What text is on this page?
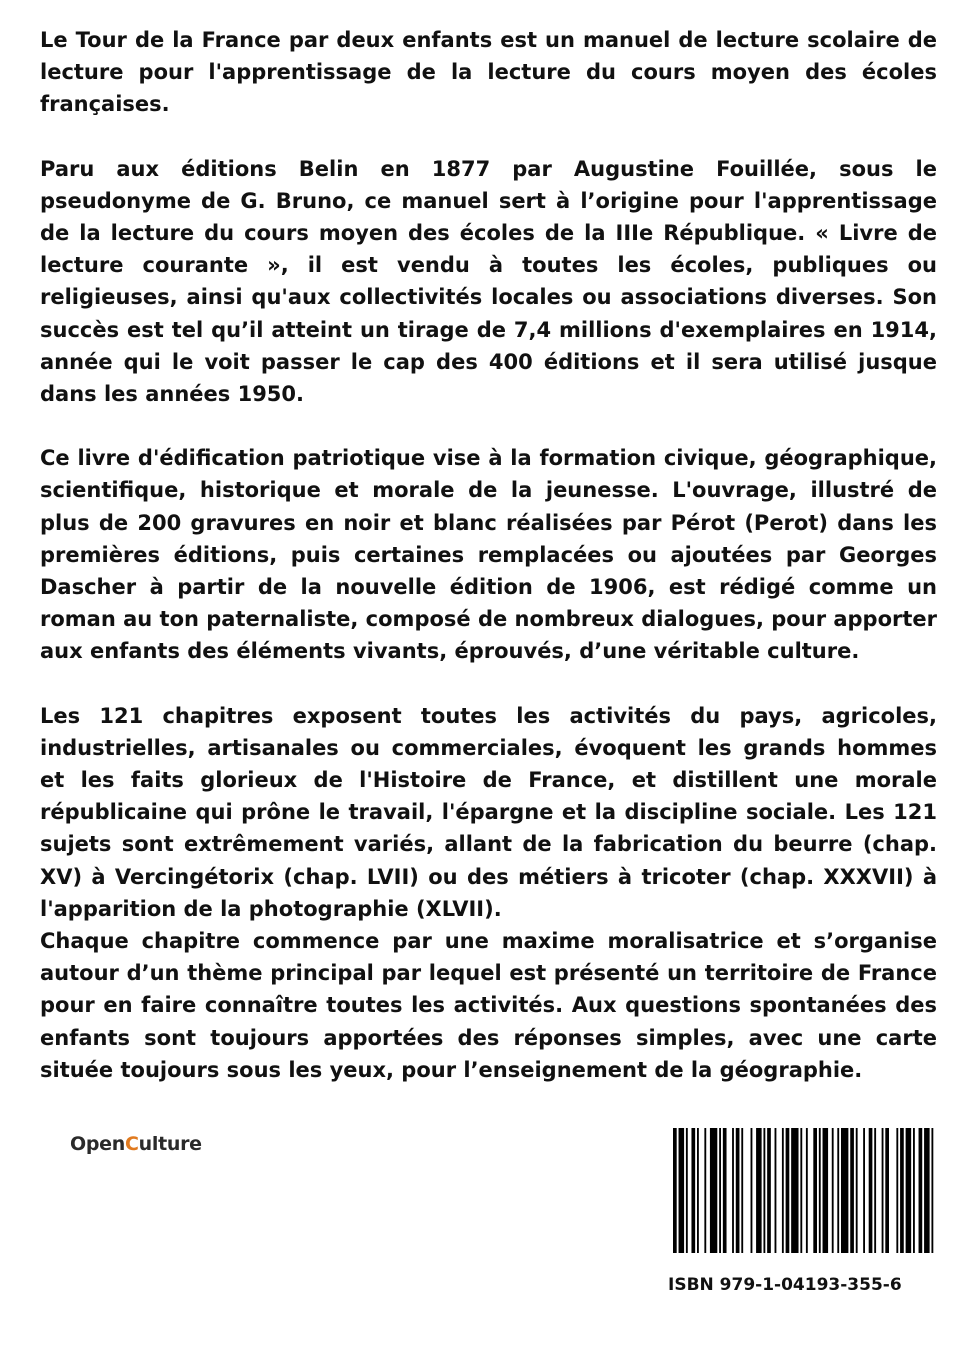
Le Tour de la France par deux enfants est un manuel de lecture scolaire de lecture pour l'apprentissage de la lecture du cours moyen des écoles françaises.

Paru aux éditions Belin en 1877 par Augustine Fouillée, sous le pseudonyme de G. Bruno, ce manuel sert à l’origine pour l'apprentissage de la lecture du cours moyen des écoles de la IIIe République. « Livre de lecture courante », il est vendu à toutes les écoles, publiques ou religieuses, ainsi qu'aux collectivités locales ou associations diverses. Son succès est tel qu’il atteint un tirage de 7,4 millions d'exemplaires en 1914, année qui le voit passer le cap des 400 éditions et il sera utilisé jusque dans les années 1950.

Ce livre d'édification patriotique vise à la formation civique, géographique, scientifique, historique et morale de la jeunesse. L'ouvrage, illustré de plus de 200 gravures en noir et blanc réalisées par Pérot (Perot) dans les premières éditions, puis certaines remplacées ou ajoutées par Georges Dascher à partir de la nouvelle édition de 1906, est rédigé comme un roman au ton paternaliste, composé de nombreux dialogues, pour apporter aux enfants des éléments vivants, éprouvés, d’une véritable culture.

Les 121 chapitres exposent toutes les activités du pays, agricoles, industrielles, artisanales ou commerciales, évoquent les grands hommes et les faits glorieux de l'Histoire de France, et distillent une morale républicaine qui prône le travail, l'épargne et la discipline sociale. Les 121 sujets sont extrêmement variés, allant de la fabrication du beurre (chap. XV) à Vercingétorix (chap. LVII) ou des métiers à tricoter (chap. XXXVII) à l'apparition de la photographie (XLVII).

Chaque chapitre commence par une maxime moralisatrice et s’organise autour d’un thème principal par lequel est présenté un territoire de France pour en faire connaître toutes les activités. Aux questions spontanées des enfants sont toujours apportées des réponses simples, avec une carte située toujours sous les yeux, pour l’enseignement de la géographie.

OpenCulture
ISBN 979-1-04193-355-6
